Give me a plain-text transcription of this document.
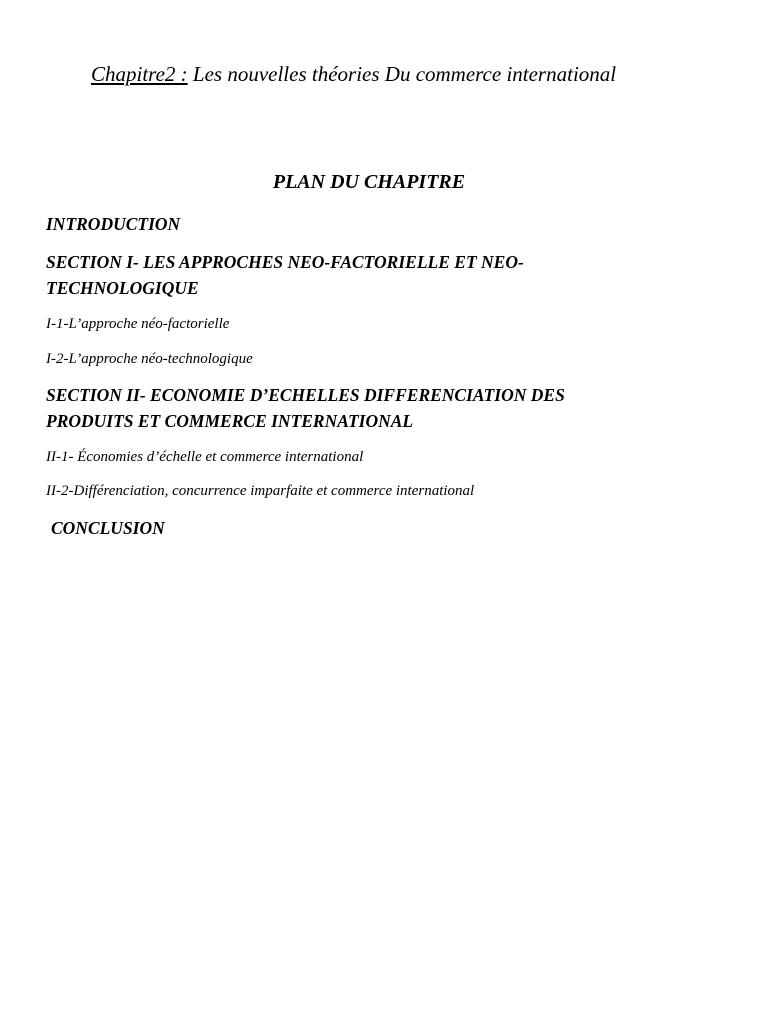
Chapitre2 : Les nouvelles théories Du commerce international

PLAN DU CHAPITRE

INTRODUCTION

SECTION I- LES APPROCHES NEO-FACTORIELLE ET NEO-

TECHNOLOGIQUE

I-1-L’approche néo-factorielle

I-2-L’approche néo-technologique

SECTION II- ECONOMIE D’ECHELLES DIFFERENCIATION DES

PRODUITS ET COMMERCE INTERNATIONAL

II-1- Économies d’échelle et commerce international

II-2-Différenciation, concurrence imparfaite et commerce international

CONCLUSION
